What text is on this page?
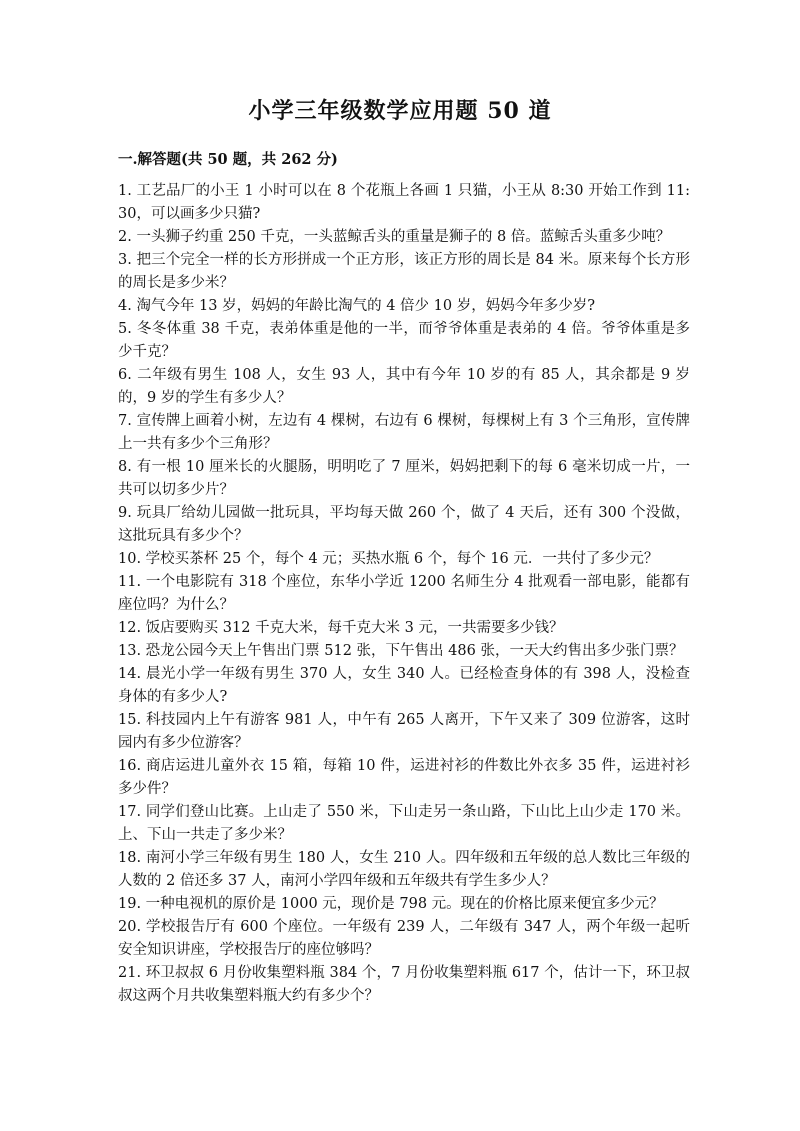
小学三年级数学应用题 50 道
一.解答题(共 50 题，共 262 分)
1. 工艺品厂的小王 1 小时可以在 8 个花瓶上各画 1 只猫，小王从 8:30 开始工作到 11:30，可以画多少只猫?
2. 一头狮子约重 250 千克，一头蓝鲸舌头的重量是狮子的 8 倍。蓝鲸舌头重多少吨？
3. 把三个完全一样的长方形拼成一个正方形，该正方形的周长是 84 米。原来每个长方形的周长是多少米？
4. 淘气今年 13 岁，妈妈的年龄比淘气的 4 倍少 10 岁，妈妈今年多少岁?
5. 冬冬体重 38 千克，表弟体重是他的一半，而爷爷体重是表弟的 4 倍。爷爷体重是多少千克？
6. 二年级有男生 108 人，女生 93 人，其中有今年 10 岁的有 85 人，其余都是 9 岁的，9 岁的学生有多少人？
7. 宣传牌上画着小树，左边有 4 棵树，右边有 6 棵树，每棵树上有 3 个三角形，宣传牌上一共有多少个三角形？
8. 有一根 10 厘米长的火腿肠，明明吃了 7 厘米，妈妈把剩下的每 6 毫米切成一片，一共可以切多少片？
9. 玩具厂给幼儿园做一批玩具，平均每天做 260 个，做了 4 天后，还有 300 个没做，这批玩具有多少个？
10. 学校买茶杯 25 个，每个 4 元；买热水瓶 6 个，每个 16 元．一共付了多少元？
11. 一个电影院有 318 个座位，东华小学近 1200 名师生分 4 批观看一部电影，能都有座位吗？为什么？
12. 饭店要购买 312 千克大米，每千克大米 3 元，一共需要多少钱？
13. 恐龙公园今天上午售出门票 512 张，下午售出 486 张，一天大约售出多少张门票？
14. 晨光小学一年级有男生 370 人，女生 340 人。已经检查身体的有 398 人，没检查身体的有多少人?
15. 科技园内上午有游客 981 人，中午有 265 人离开，下午又来了 309 位游客，这时园内有多少位游客？
16. 商店运进儿童外衣 15 箱，每箱 10 件，运进衬衫的件数比外衣多 35 件，运进衬衫多少件？
17. 同学们登山比赛。上山走了 550 米，下山走另一条山路，下山比上山少走 170 米。上、下山一共走了多少米？
18. 南河小学三年级有男生 180 人，女生 210 人。四年级和五年级的总人数比三年级的人数的 2 倍还多 37 人，南河小学四年级和五年级共有学生多少人？
19. 一种电视机的原价是 1000 元，现价是 798 元。现在的价格比原来便宜多少元？
20. 学校报告厅有 600 个座位。一年级有 239 人，二年级有 347 人，两个年级一起听安全知识讲座，学校报告厅的座位够吗？
21. 环卫叔叔 6 月份收集塑料瓶 384 个，7 月份收集塑料瓶 617 个，估计一下，环卫叔叔这两个月共收集塑料瓶大约有多少个？
